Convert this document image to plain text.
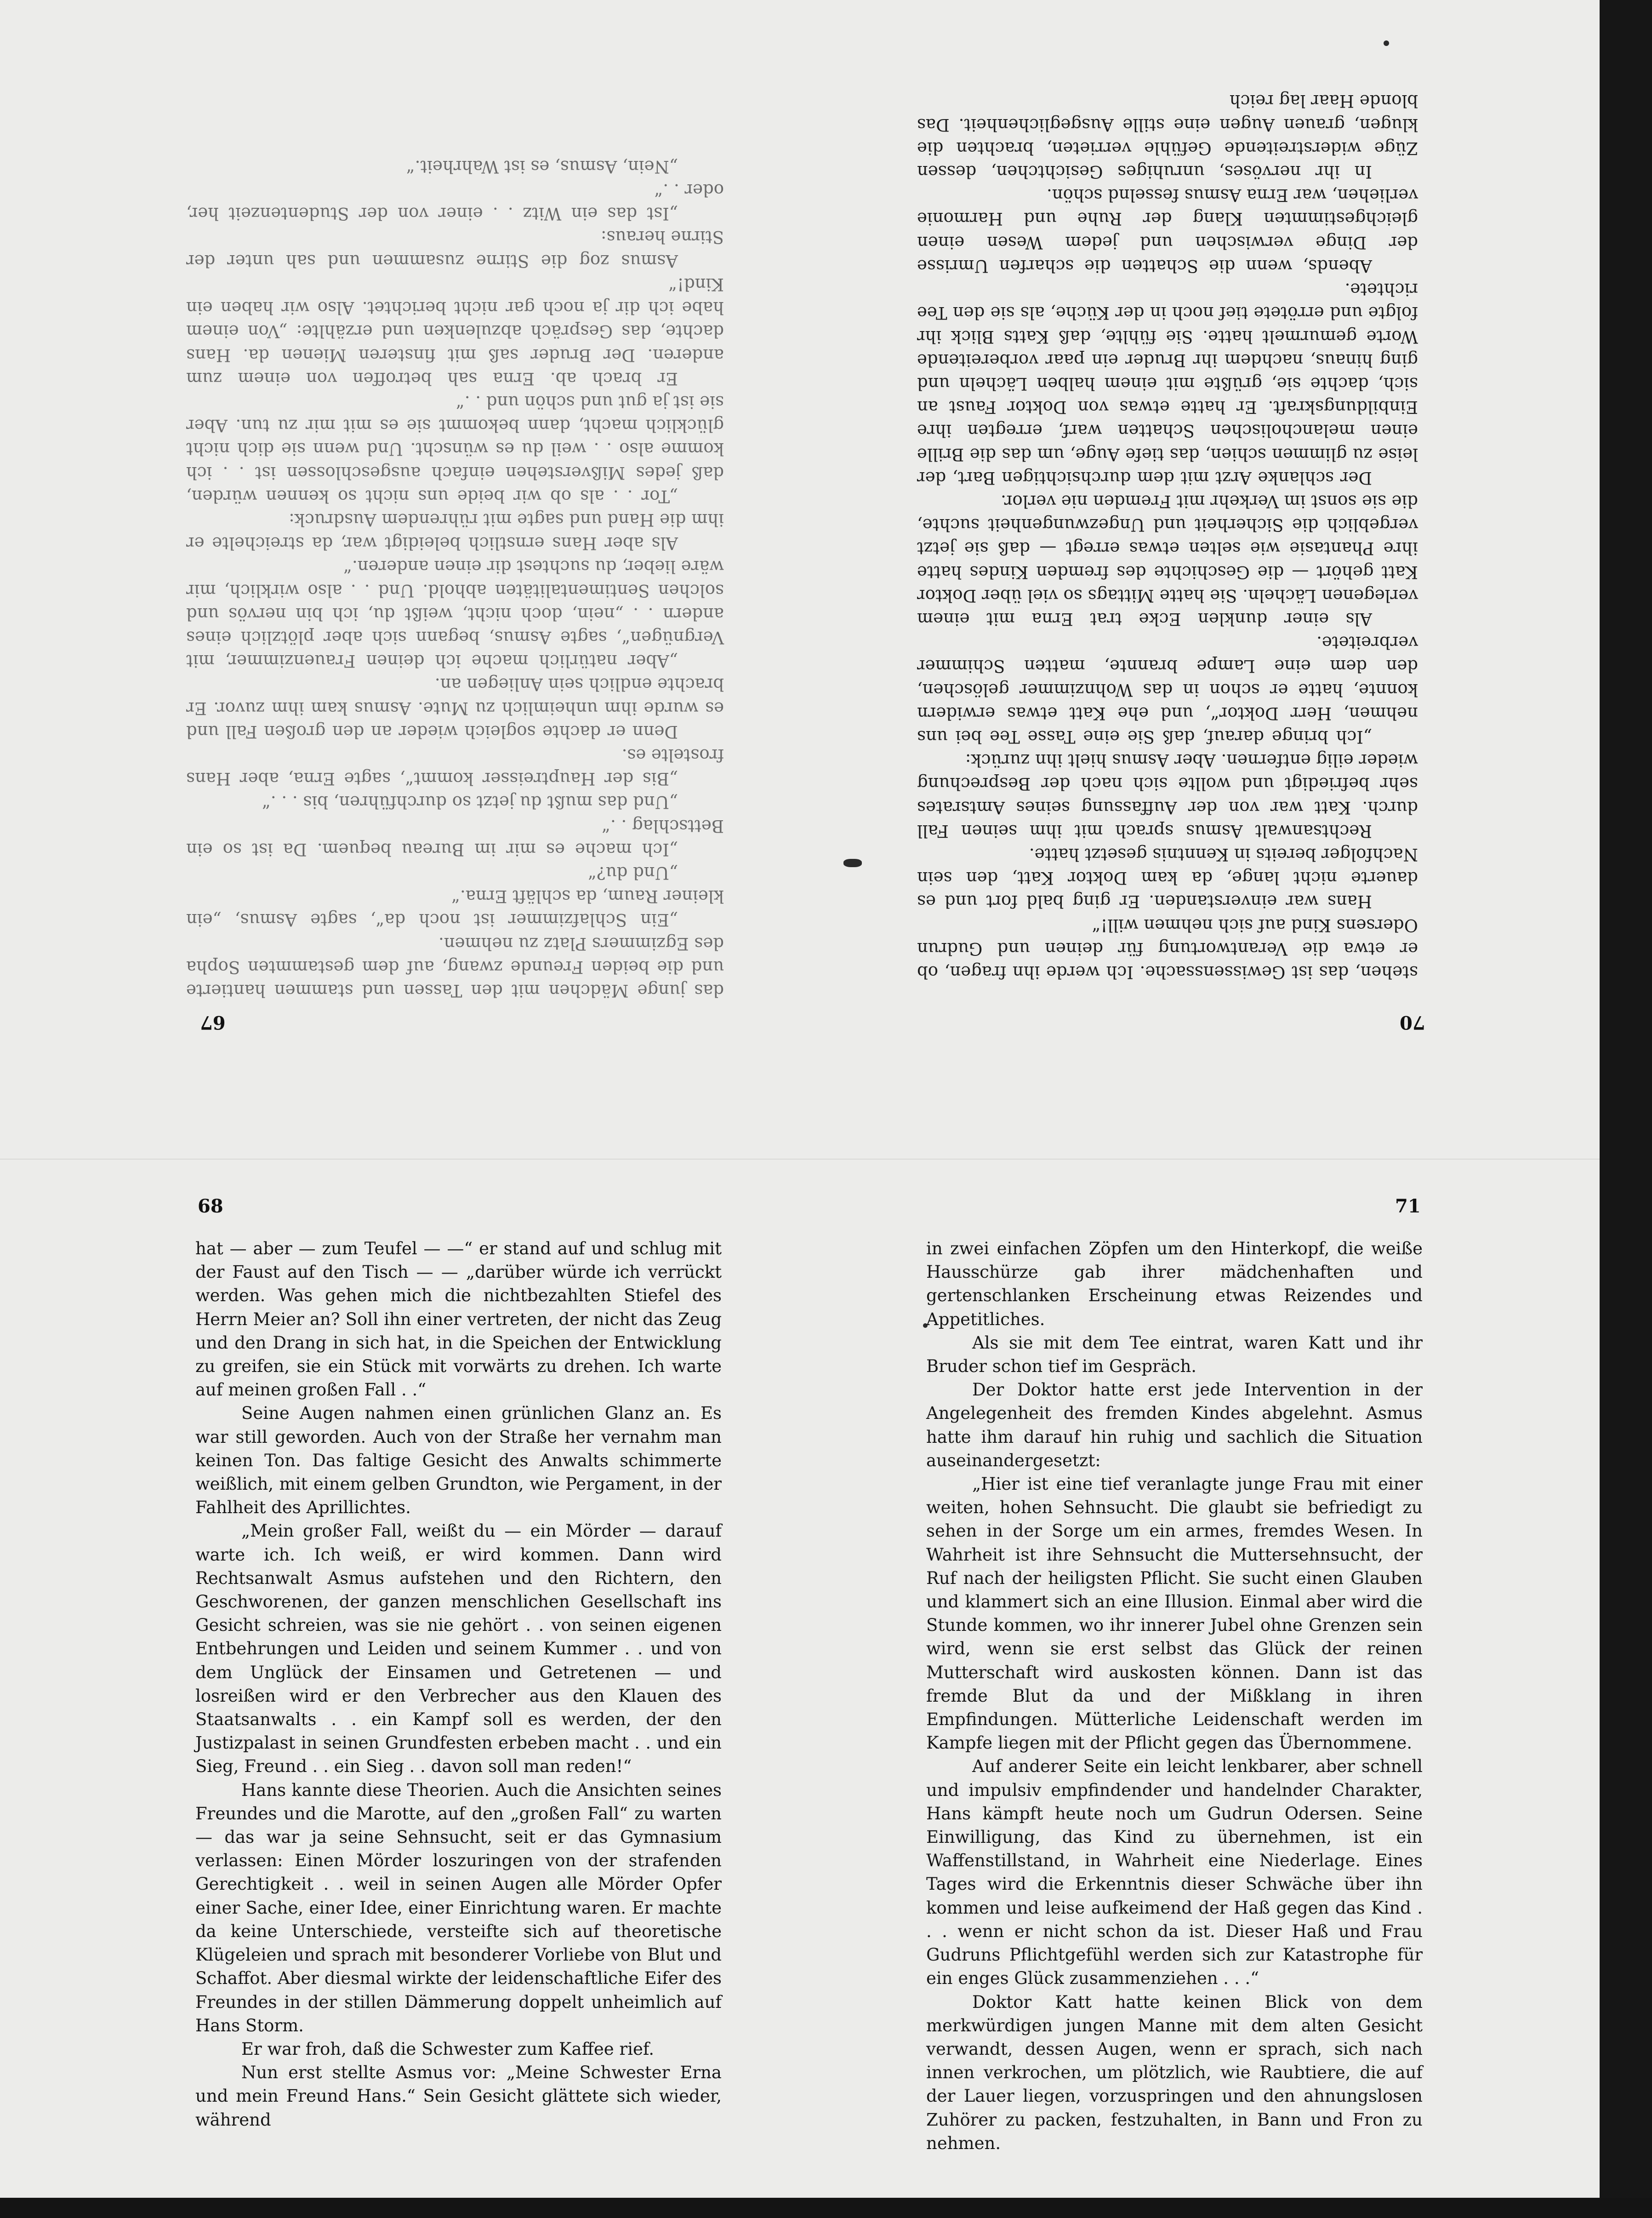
67	70

das junge Mädchen mit den Tassen und stammen hantierte und die beiden Freunde zwang, auf dem gestammten Sopha des Egzimmers Platz zu nehmen.

„Ein Schlafzimmer ist noch da“, sagte Asmus, „ein kleiner Raum, da schläft Erna.“

„Und du?“

„Ich mache es mir im Bureau bequem. Da ist so ein Bettschlag . .“

„Und das mußt du jetzt so durchführen, bis . . .“

„Bis der Hauptreisser kommt“, sagte Erna, aber Hans frostelte es.

Denn er dachte sogleich wieder an den großen Fall und es wurde ihm unheimlich zu Mute. Asmus kam ihm zuvor. Er brachte endlich sein Anliegen an.

„Aber natürlich mache ich deinen Frauenzimmer, mit Vergnügen“, sagte Asmus, begann sich aber plötzlich eines andern . . „nein, doch nicht, weißt du, ich bin nervös und solchen Sentimentalitäten abhold. Und . . also wirklich, mir wäre lieber, du suchtest dir einen anderen.“

Als aber Hans ernstlich beleidigt war, da streichelte er ihm die Hand und sagte mit rührendem Ausdruck:

„Tor . . als ob wir beide uns nicht so kennen würden, daß jedes Mißverstehen einfach ausgeschlossen ist . . ich komme also . . weil du es wünscht. Und wenn sie dich nicht glücklich macht, dann bekommt sie es mit mir zu tun. Aber sie ist ja gut und schön und . .“

Er brach ab. Erna sah betroffen von einem zum anderen. Der Bruder saß mit finsteren Mienen da. Hans dachte, das Gespräch abzulenken und erzählte: „Von einem habe ich dir ja noch gar nicht berichtet. Also wir haben ein Kind!“

Asmus zog die Stirne zusammen und sah unter der Stirne heraus:

„Ist das ein Witz . . einer von der Studentenzeit her, oder . .“

„Nein, Asmus, es ist Wahrheit.“

stehen, das ist Gewissenssache. Ich werde ihn fragen, ob er etwa die Verantwortung für deinen und Gudrun Odersens Kind auf sich nehmen will!“

Hans war einverstanden. Er ging bald fort und es dauerte nicht lange, da kam Doktor Katt, den sein Nachfolger bereits in Kenntnis gesetzt hatte.

Rechtsanwalt Asmus sprach mit ihm seinen Fall durch. Katt war von der Auffassung seines Amtsrates sehr befriedigt und wollte sich nach der Besprechung wieder eilig entfernen. Aber Asmus hielt ihn zurück:

„Ich bringe darauf, daß Sie eine Tasse Tee bei uns nehmen, Herr Doktor“, und ehe Katt etwas erwidern konnte, hatte er schon in das Wohnzimmer gelöschen, den dem eine Lampe brannte, matten Schimmer verbreitete.

Als einer dunklen Ecke trat Erna mit einem verlegenen Lächeln. Sie hatte Mittags so viel über Doktor Katt gehört — die Geschichte des fremden Kindes hatte ihre Phantasie wie selten etwas erregt — daß sie jetzt vergeblich die Sicherheit und Ungezwungenheit suchte, die sie sonst im Verkehr mit Fremden nie verlor.

Der schlanke Arzt mit dem durchsichtigen Bart, der leise zu glimmen schien, das tiefe Auge, um das die Brille einen melancholischen Schatten warf, erregten ihre Einbildungskraft. Er hatte etwas von Doktor Faust an sich, dachte sie, grüßte mit einem halben Lächeln und ging hinaus, nachdem ihr Bruder ein paar vorbereitende Worte gemurmelt hatte. Sie fühlte, daß Katts Blick ihr folgte und errötete tief noch in der Küche, als sie den Tee richtete.

Abends, wenn die Schatten die scharfen Umrisse der Dinge verwischen und jedem Wesen einen gleichgestimmten Klang der Ruhe und Harmonie verliehen, war Erna Asmus fesselnd schön.

In ihr nervöses, unruhiges Gesichtchen, dessen Züge widerstreitende Gefühle verrieten, brachten die klugen, grauen Augen eine stille Ausgeglichenheit. Das blonde Haar lag reich

68	71

hat — aber — zum Teufel — —“ er stand auf und schlug mit der Faust auf den Tisch — — „darüber würde ich verrückt werden. Was gehen mich die nichtbezahlten Stiefel des Herrn Meier an? Soll ihn einer vertreten, der nicht das Zeug und den Drang in sich hat, in die Speichen der Entwicklung zu greifen, sie ein Stück mit vorwärts zu drehen. Ich warte auf meinen großen Fall . .“

Seine Augen nahmen einen grünlichen Glanz an. Es war still geworden. Auch von der Straße her vernahm man keinen Ton. Das faltige Gesicht des Anwalts schimmerte weißlich, mit einem gelben Grundton, wie Pergament, in der Fahlheit des Aprillichtes.

„Mein großer Fall, weißt du — ein Mörder — darauf warte ich. Ich weiß, er wird kommen. Dann wird Rechtsanwalt Asmus aufstehen und den Richtern, den Geschworenen, der ganzen menschlichen Gesellschaft ins Gesicht schreien, was sie nie gehört . . von seinen eigenen Entbehrungen und Leiden und seinem Kummer . . und von dem Unglück der Einsamen und Getretenen — und losreißen wird er den Verbrecher aus den Klauen des Staatsanwalts . . ein Kampf soll es werden, der den Justizpalast in seinen Grundfesten erbeben macht . . und ein Sieg, Freund . . ein Sieg . . davon soll man reden!“

Hans kannte diese Theorien. Auch die Ansichten seines Freundes und die Marotte, auf den „großen Fall“ zu warten — das war ja seine Sehnsucht, seit er das Gymnasium verlassen: Einen Mörder loszuringen von der strafenden Gerechtigkeit . . weil in seinen Augen alle Mörder Opfer einer Sache, einer Idee, einer Einrichtung waren. Er machte da keine Unterschiede, versteifte sich auf theoretische Klügeleien und sprach mit besonderer Vorliebe von Blut und Schaffot. Aber diesmal wirkte der leidenschaftliche Eifer des Freundes in der stillen Dämmerung doppelt unheimlich auf Hans Storm.

Er war froh, daß die Schwester zum Kaffee rief.

Nun erst stellte Asmus vor: „Meine Schwester Erna und mein Freund Hans.“ Sein Gesicht glättete sich wieder, während

in zwei einfachen Zöpfen um den Hinterkopf, die weiße Hausschürze gab ihrer mädchenhaften und gertenschlanken Erscheinung etwas Reizendes und Appetitliches.

Als sie mit dem Tee eintrat, waren Katt und ihr Bruder schon tief im Gespräch.

Der Doktor hatte erst jede Intervention in der Angelegenheit des fremden Kindes abgelehnt. Asmus hatte ihm darauf hin ruhig und sachlich die Situation auseinandergesetzt:

„Hier ist eine tief veranlagte junge Frau mit einer weiten, hohen Sehnsucht. Die glaubt sie befriedigt zu sehen in der Sorge um ein armes, fremdes Wesen. In Wahrheit ist ihre Sehnsucht die Muttersehnsucht, der Ruf nach der heiligsten Pflicht. Sie sucht einen Glauben und klammert sich an eine Illusion. Einmal aber wird die Stunde kommen, wo ihr innerer Jubel ohne Grenzen sein wird, wenn sie erst selbst das Glück der reinen Mutterschaft wird auskosten können. Dann ist das fremde Blut da und der Mißklang in ihren Empfindungen. Mütterliche Leidenschaft werden im Kampfe liegen mit der Pflicht gegen das Übernommene.

Auf anderer Seite ein leicht lenkbarer, aber schnell und impulsiv empfindender und handelnder Charakter, Hans kämpft heute noch um Gudrun Odersen. Seine Einwilligung, das Kind zu übernehmen, ist ein Waffenstillstand, in Wahrheit eine Niederlage. Eines Tages wird die Erkenntnis dieser Schwäche über ihn kommen und leise aufkeimend der Haß gegen das Kind . . . wenn er nicht schon da ist. Dieser Haß und Frau Gudruns Pflichtgefühl werden sich zur Katastrophe für ein enges Glück zusammenziehen . . .“

Doktor Katt hatte keinen Blick von dem merkwürdigen jungen Manne mit dem alten Gesicht verwandt, dessen Augen, wenn er sprach, sich nach innen verkrochen, um plötzlich, wie Raubtiere, die auf der Lauer liegen, vorzuspringen und den ahnungslosen Zuhörer zu packen, festzuhalten, in Bann und Fron zu nehmen.
